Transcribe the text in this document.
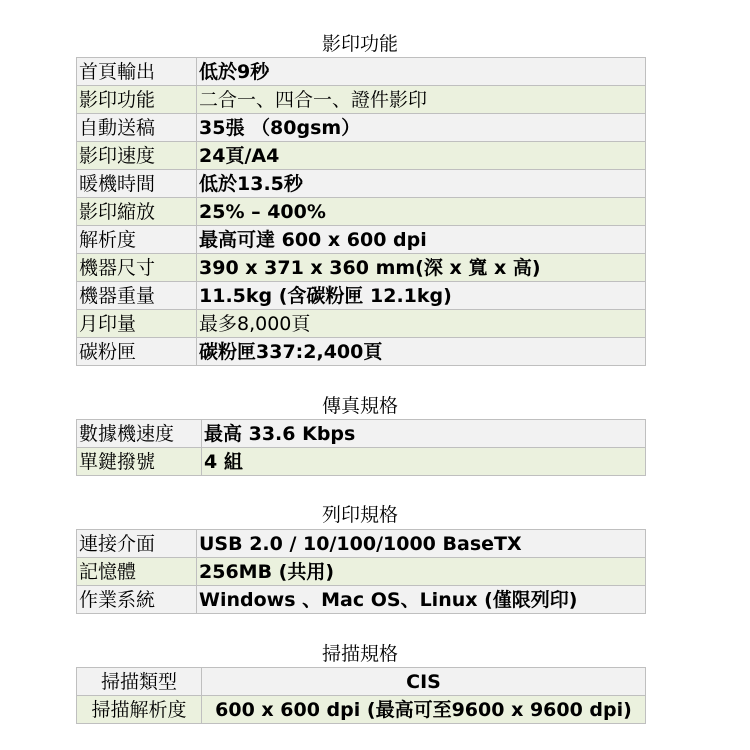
影印功能
首頁輸出	低於9秒
影印功能	二合一、四合一、證件影印
自動送稿	35張 （80gsm）
影印速度	24頁/A4
暖機時間	低於13.5秒
影印縮放	25% – 400%
解析度	最高可達 600 x 600 dpi
機器尺寸	390 x 371 x 360 mm(深 x 寬 x 高)
機器重量	11.5kg (含碳粉匣 12.1kg)
月印量	最多8,000頁
碳粉匣	碳粉匣337:2,400頁
傳真規格
數據機速度	最高 33.6 Kbps
單鍵撥號	4 組
列印規格
連接介面	USB 2.0 / 10/100/1000 BaseTX
記憶體	256MB (共用)
作業系統	Windows 、Mac OS、Linux (僅限列印)
掃描規格
掃描類型	CIS
掃描解析度	600 x 600 dpi (最高可至9600 x 9600 dpi)
